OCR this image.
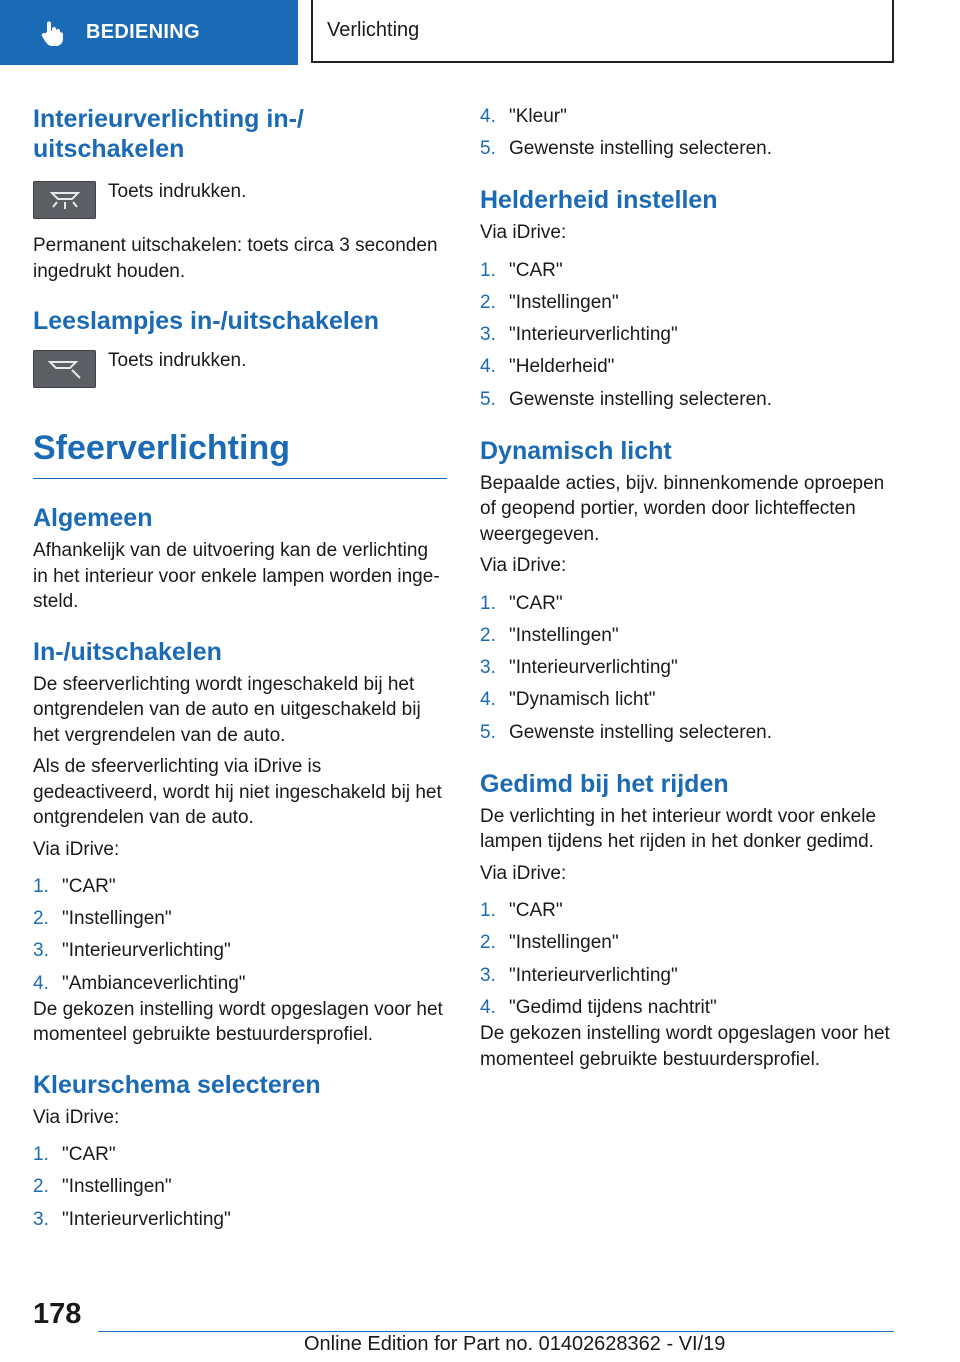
BEDIENING	Verlichting
Interieurverlichting in-/
uitschakelen

Toets indrukken.

Permanent uitschakelen: toets circa 3 seconden ingedrukt houden.

Leeslampjes in-/uitschakelen

Toets indrukken.

Sfeerverlichting
Algemeen

Afhankelijk van de uitvoering kan de verlichting in het interieur voor enkele lampen worden ingesteld.

In-/uitschakelen

De sfeerverlichting wordt ingeschakeld bij het ontgrendelen van de auto en uitgeschakeld bij het vergrendelen van de auto.

Als de sfeerverlichting via iDrive is gedeactiveerd, wordt hij niet ingeschakeld bij het ontgrendelen van de auto.

Via iDrive:

1. "CAR"
2. "Instellingen"
3. "Interieurverlichting"
4. "Ambianceverlichting"

De gekozen instelling wordt opgeslagen voor het momenteel gebruikte bestuurdersprofiel.

Kleurschema selecteren

Via iDrive:

1. "CAR"
2. "Instellingen"
3. "Interieurverlichting"
4. "Kleur"
5. Gewenste instelling selecteren.
Helderheid instellen

Via iDrive:

1. "CAR"
2. "Instellingen"
3. "Interieurverlichting"
4. "Helderheid"
5. Gewenste instelling selecteren.
Dynamisch licht

Bepaalde acties, bijv. binnenkomende oproepen of geopend portier, worden door lichteffecten weergegeven.

Via iDrive:

1. "CAR"
2. "Instellingen"
3. "Interieurverlichting"
4. "Dynamisch licht"
5. Gewenste instelling selecteren.
Gedimd bij het rijden

De verlichting in het interieur wordt voor enkele lampen tijdens het rijden in het donker gedimd.

Via iDrive:

1. "CAR"
2. "Instellingen"
3. "Interieurverlichting"
4. "Gedimd tijdens nachtrit"

De gekozen instelling wordt opgeslagen voor het momenteel gebruikte bestuurdersprofiel.

178
Online Edition for Part no. 01402628362 - VI/19
